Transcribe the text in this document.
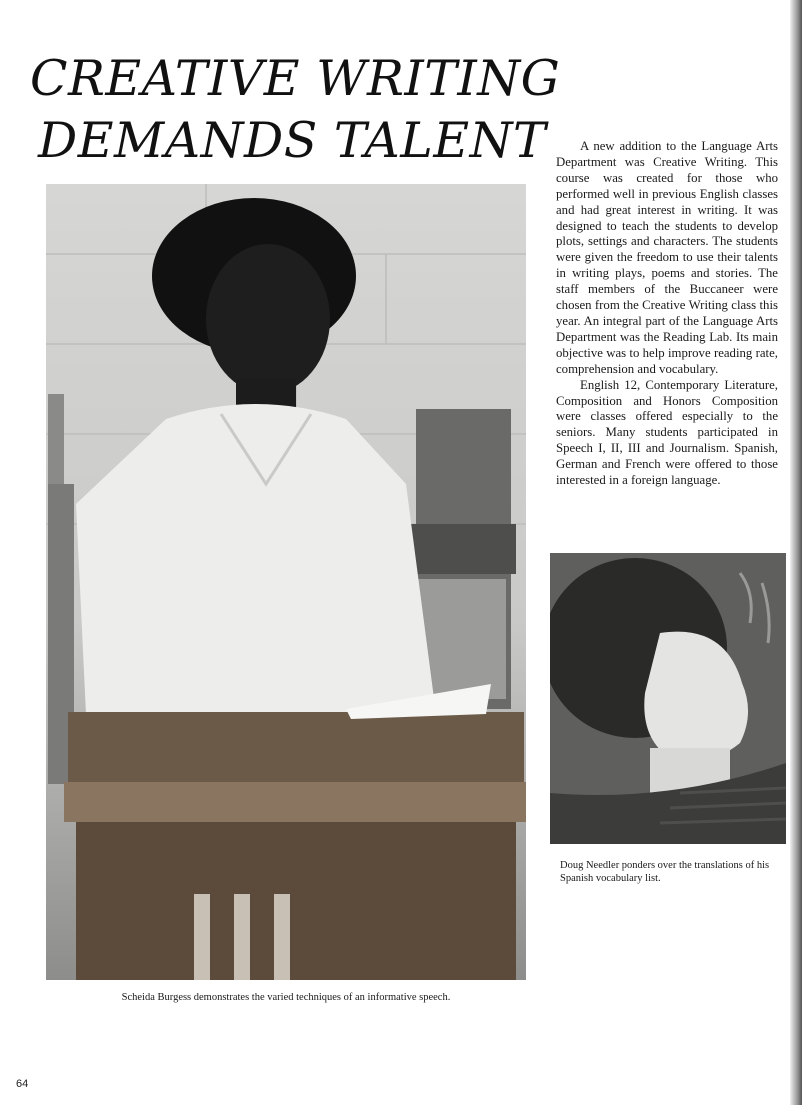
CREATIVE WRITING
DEMANDS TALENT	A new addition to the Language Arts Department was Creative Writing. This course was created for those who performed well in previous English classes and had great interest in writing. It was designed to teach the students to develop plots, settings and characters. The students were given the freedom to use their talents in writing plays, poems and stories. The staff members of the Buccaneer were chosen from the Creative Writing class this year. An integral part of the Language Arts Department was the Reading Lab. Its main objective was to help improve reading rate, comprehension and vocabulary.

English 12, Contemporary Literature, Composition and Honors Composition were classes offered especially to the seniors. Many students participated in Speech I, II, III and Journalism. Spanish, German and French were offered to those interested in a foreign language.

Scheida Burgess demonstrates the varied techniques of an informative speech.
Doug Needler ponders over the translations of his Spanish vocabulary list.
64
